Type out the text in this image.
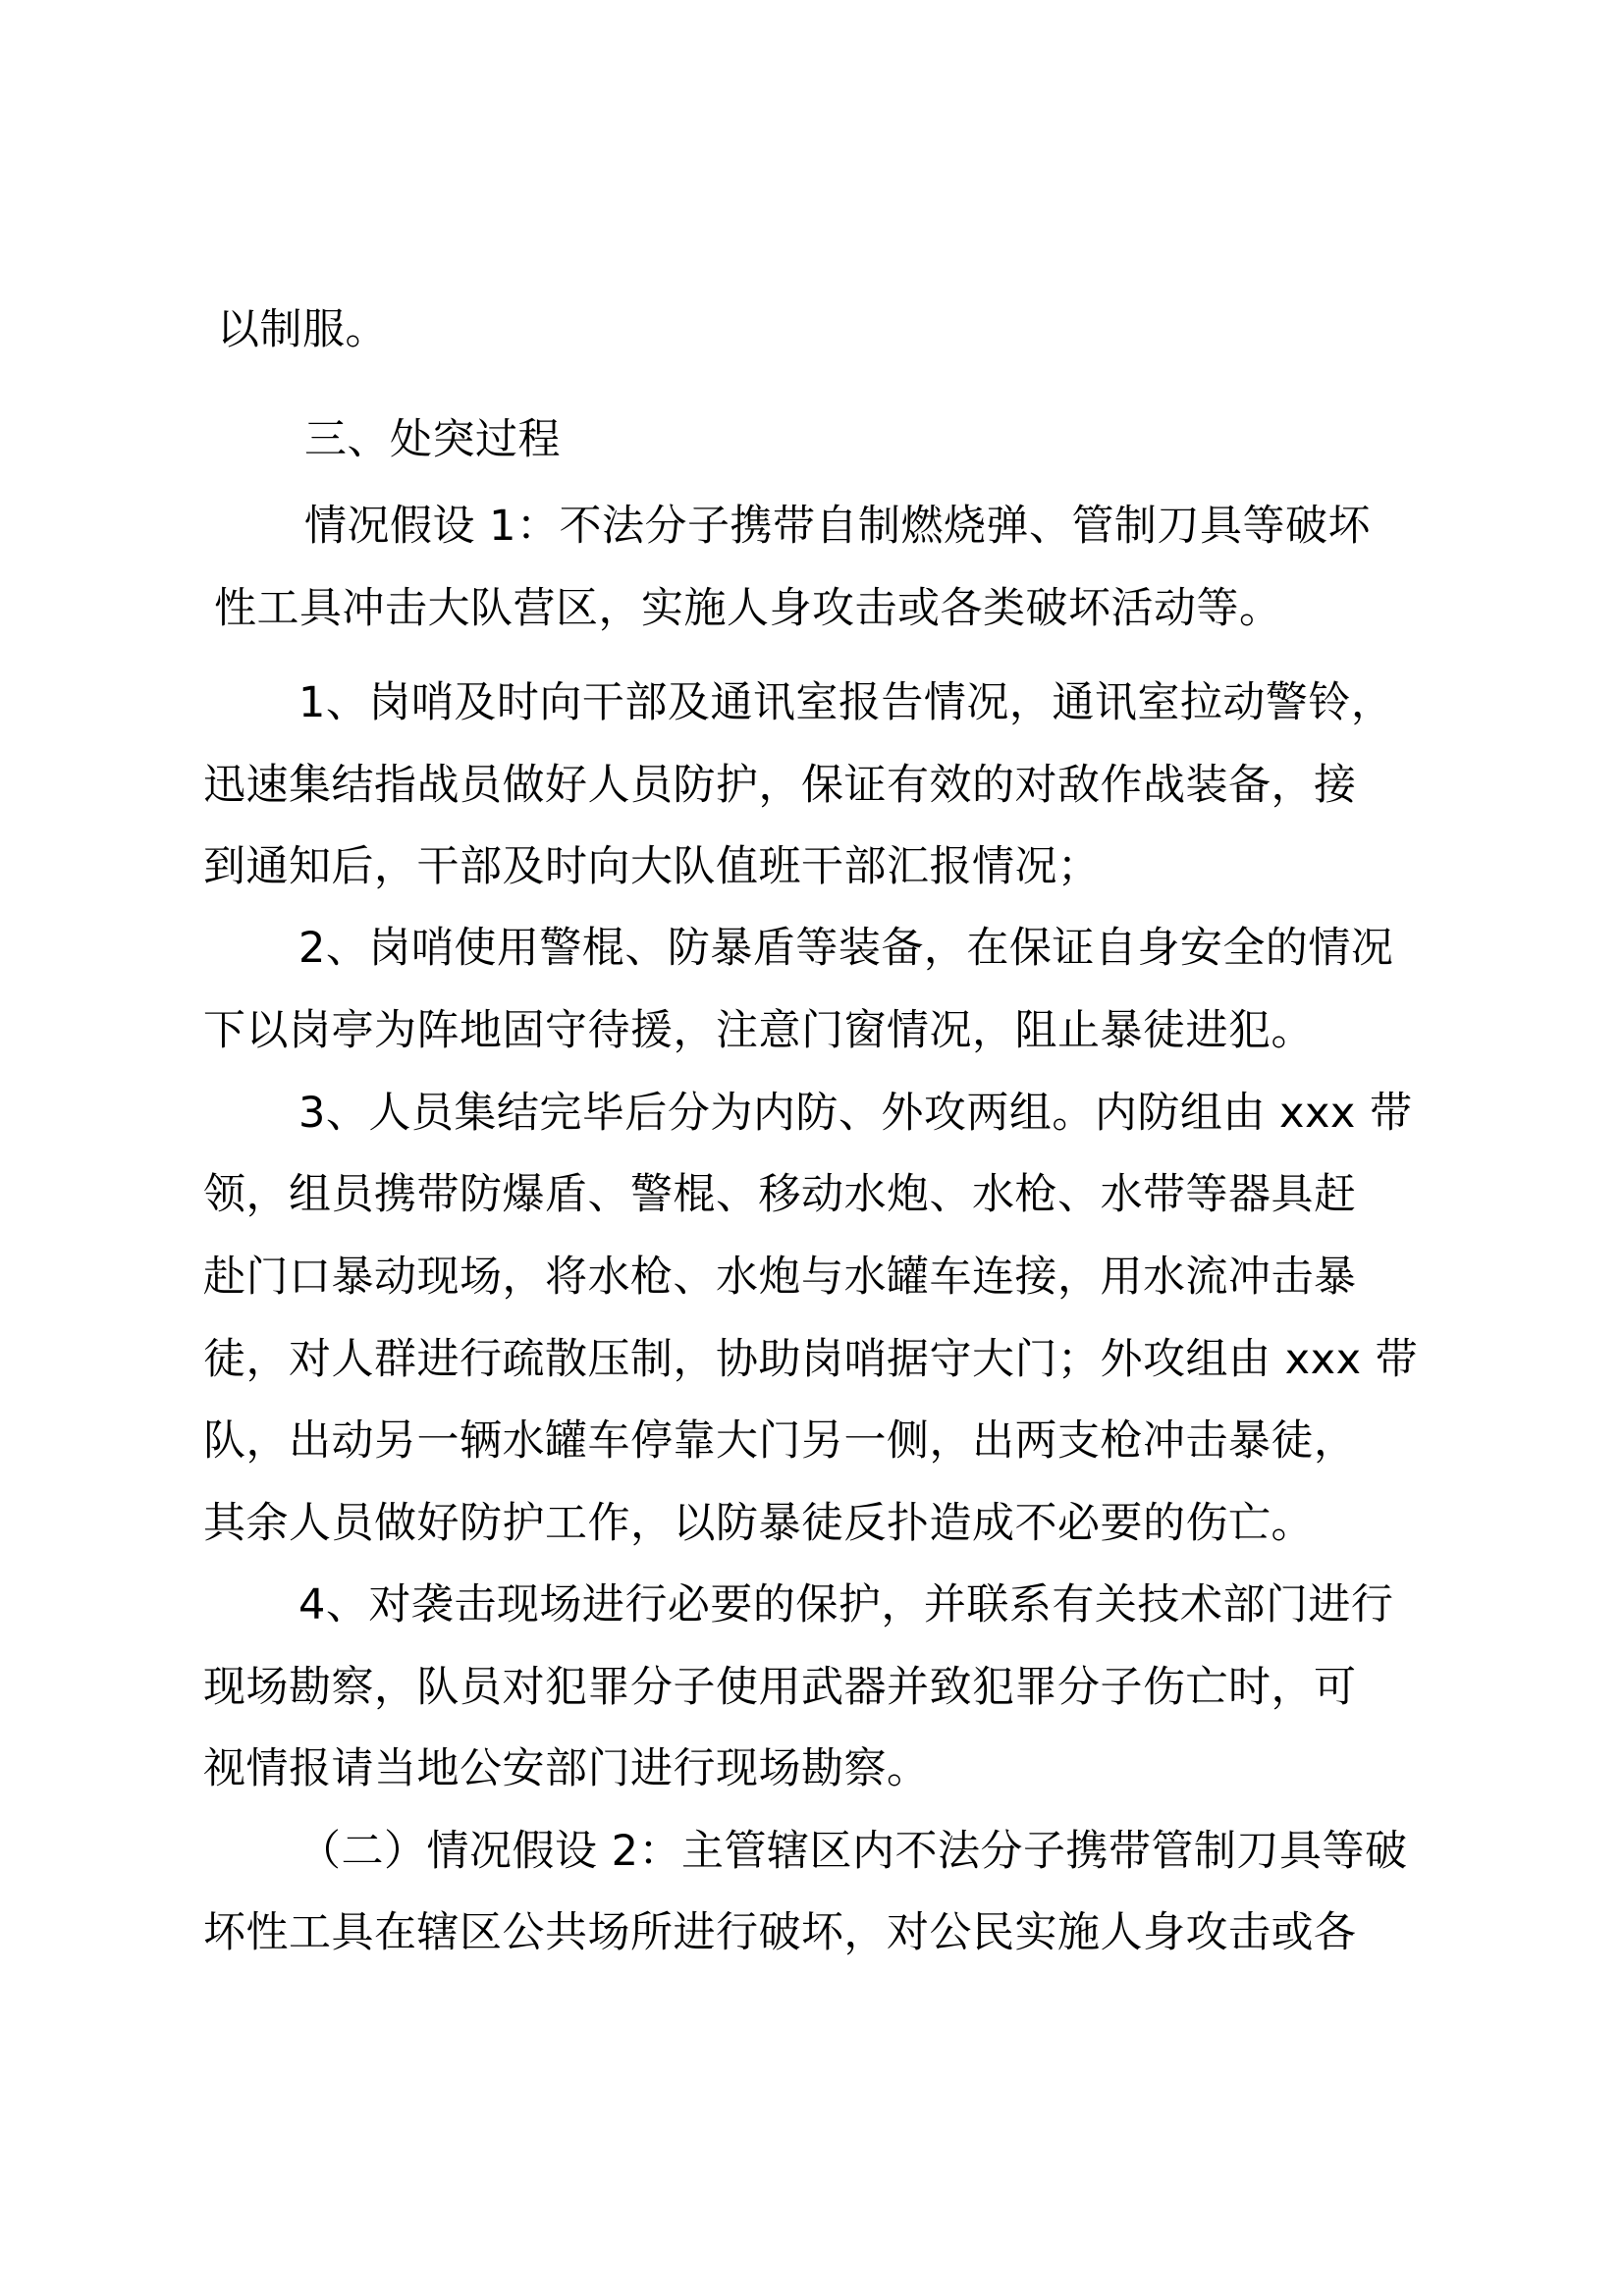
以制服。
三、处突过程
情况假设 1：不法分子携带自制燃烧弹、管制刀具等破坏
性工具冲击大队营区，实施人身攻击或各类破坏活动等。
1、岗哨及时向干部及通讯室报告情况，通讯室拉动警铃，
迅速集结指战员做好人员防护，保证有效的对敌作战装备，接
到通知后，干部及时向大队值班干部汇报情况；
2、岗哨使用警棍、防暴盾等装备，在保证自身安全的情况
下以岗亭为阵地固守待援，注意门窗情况，阻止暴徒进犯。
3、人员集结完毕后分为内防、外攻两组。内防组由 xxx 带
领，组员携带防爆盾、警棍、移动水炮、水枪、水带等器具赶
赴门口暴动现场，将水枪、水炮与水罐车连接，用水流冲击暴
徒，对人群进行疏散压制，协助岗哨据守大门；外攻组由 xxx 带
队，出动另一辆水罐车停靠大门另一侧，出两支枪冲击暴徒，
其余人员做好防护工作，以防暴徒反扑造成不必要的伤亡。
4、对袭击现场进行必要的保护，并联系有关技术部门进行
现场勘察，队员对犯罪分子使用武器并致犯罪分子伤亡时，可
视情报请当地公安部门进行现场勘察。
（二）情况假设 2：主管辖区内不法分子携带管制刀具等破
坏性工具在辖区公共场所进行破坏，对公民实施人身攻击或各
